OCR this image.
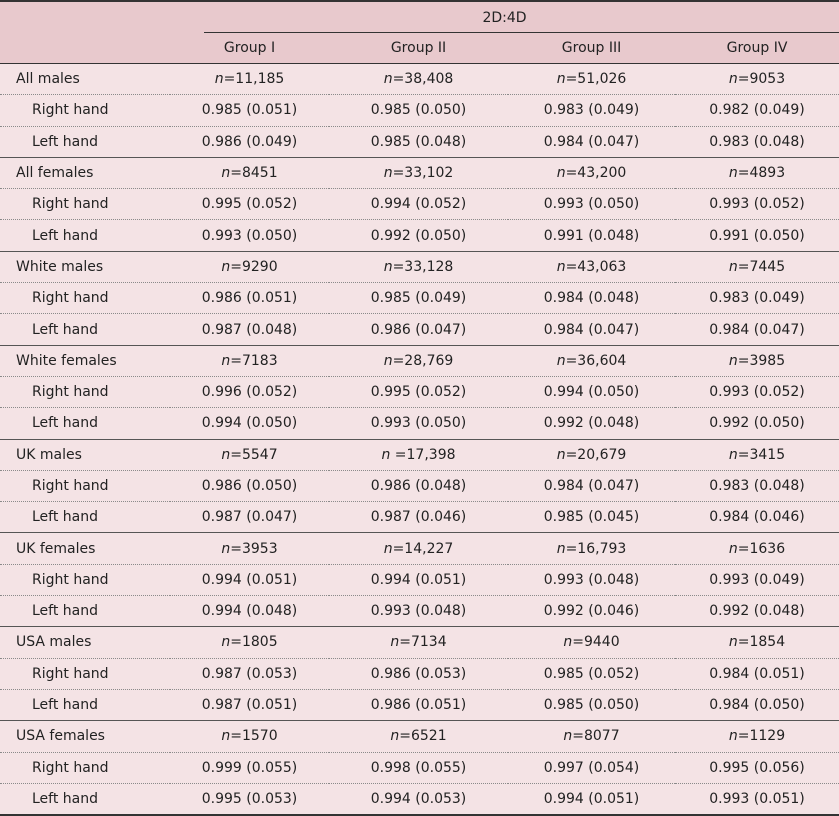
	2D:4D			

	Group I	Group II	Group III	Group IV
All males	n=11,185	n=38,408	n=51,026	n=9053
Right hand	0.985 (0.051)	0.985 (0.050)	0.983 (0.049)	0.982 (0.049)
Left hand	0.986 (0.049)	0.985 (0.048)	0.984 (0.047)	0.983 (0.048)
All females	n=8451	n=33,102	n=43,200	n=4893
Right hand	0.995 (0.052)	0.994 (0.052)	0.993 (0.050)	0.993 (0.052)
Left hand	0.993 (0.050)	0.992 (0.050)	0.991 (0.048)	0.991 (0.050)
White males	n=9290	n=33,128	n=43,063	n=7445
Right hand	0.986 (0.051)	0.985 (0.049)	0.984 (0.048)	0.983 (0.049)
Left hand	0.987 (0.048)	0.986 (0.047)	0.984 (0.047)	0.984 (0.047)
White females	n=7183	n=28,769	n=36,604	n=3985
Right hand	0.996 (0.052)	0.995 (0.052)	0.994 (0.050)	0.993 (0.052)
Left hand	0.994 (0.050)	0.993 (0.050)	0.992 (0.048)	0.992 (0.050)
UK males	n=5547	n =17,398	n=20,679	n=3415
Right hand	0.986 (0.050)	0.986 (0.048)	0.984 (0.047)	0.983 (0.048)
Left hand	0.987 (0.047)	0.987 (0.046)	0.985 (0.045)	0.984 (0.046)
UK females	n=3953	n=14,227	n=16,793	n=1636
Right hand	0.994 (0.051)	0.994 (0.051)	0.993 (0.048)	0.993 (0.049)
Left hand	0.994 (0.048)	0.993 (0.048)	0.992 (0.046)	0.992 (0.048)
USA males	n=1805	n=7134	n=9440	n=1854
Right hand	0.987 (0.053)	0.986 (0.053)	0.985 (0.052)	0.984 (0.051)
Left hand	0.987 (0.051)	0.986 (0.051)	0.985 (0.050)	0.984 (0.050)
USA females	n=1570	n=6521	n=8077	n=1129
Right hand	0.999 (0.055)	0.998 (0.055)	0.997 (0.054)	0.995 (0.056)
Left hand	0.995 (0.053)	0.994 (0.053)	0.994 (0.051)	0.993 (0.051)
